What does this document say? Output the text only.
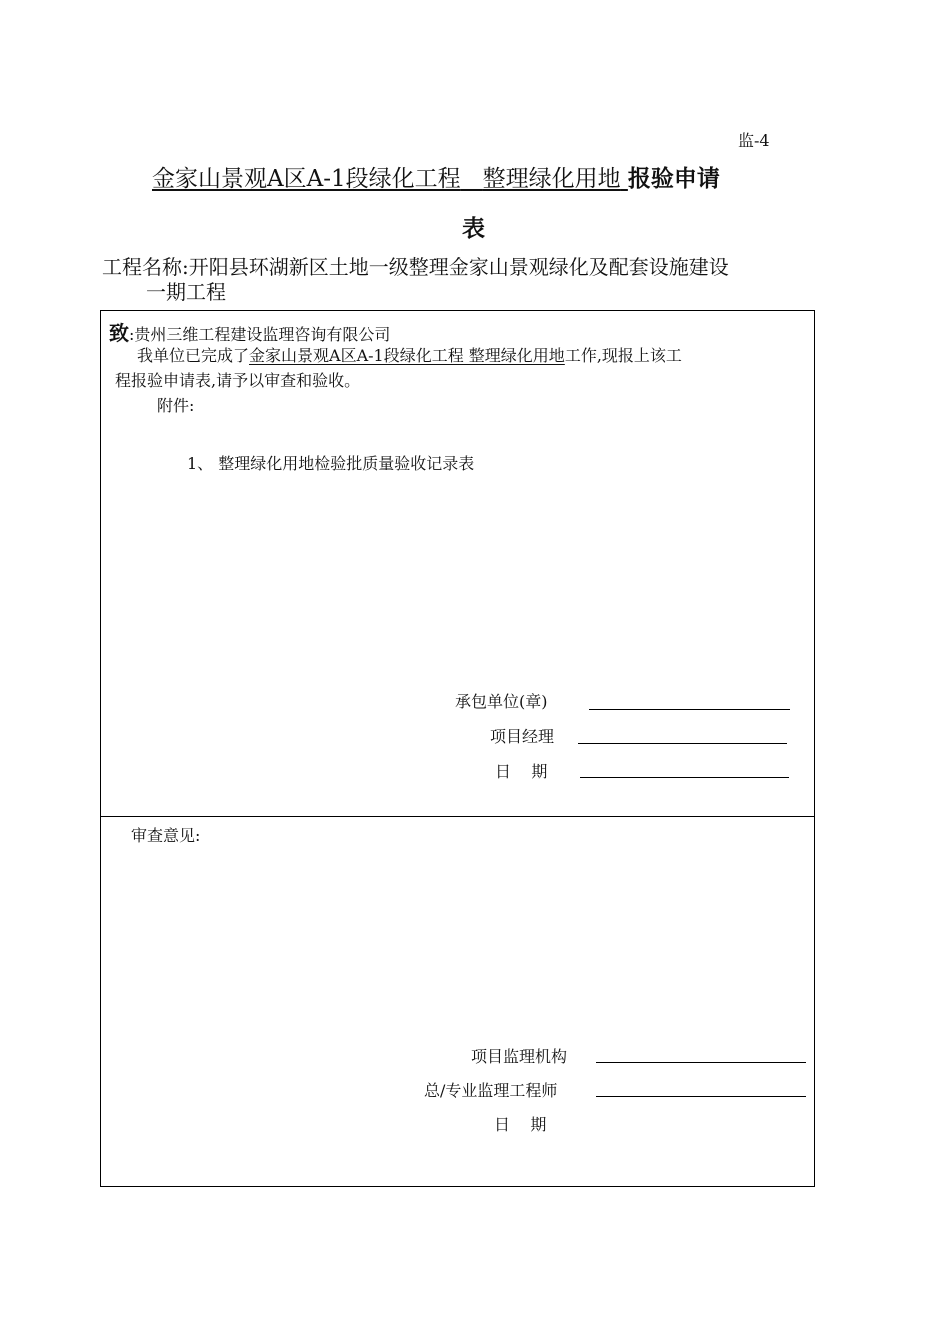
监-4
金家山景观A区A-1段绿化工程 整理绿化用地 报验申请
表
工程名称:开阳县环湖新区土地一级整理金家山景观绿化及配套设施建设
一期工程
致:贵州三维工程建设监理咨询有限公司
我单位已完成了金家山景观A区A-1段绿化工程 整理绿化用地工作,现报上该工
程报验申请表,请予以审查和验收。
附件:
1、 整理绿化用地检验批质量验收记录表
承包单位(章)
项目经理
日    期
审查意见:
项目监理机构
总/专业监理工程师
日    期
